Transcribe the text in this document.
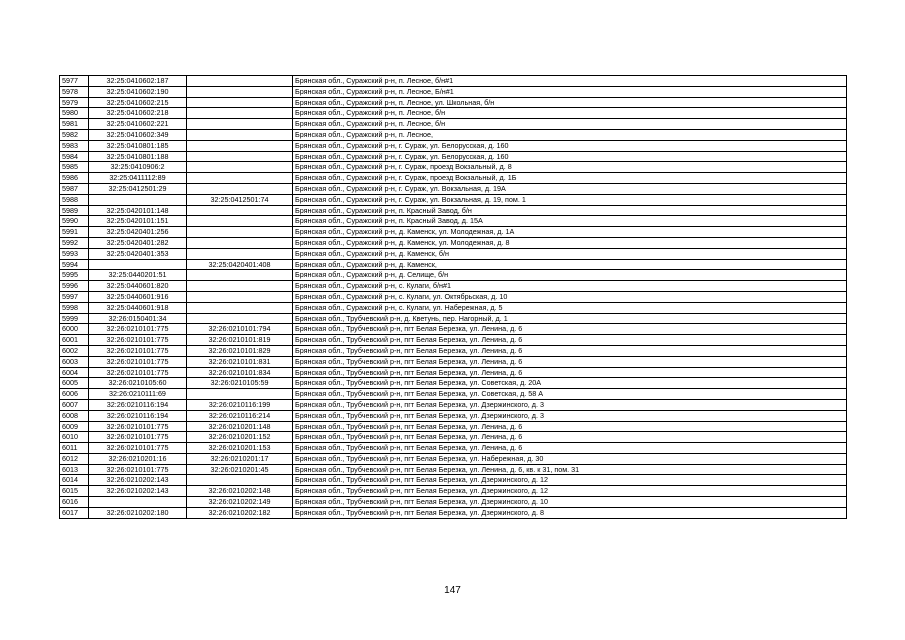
5977	32:25:0410602:187		Брянская обл., Суражский р-н, п. Лесное, б/н#1
5978	32:25:0410602:190		Брянская обл., Суражский р-н, п. Лесное, Б/н#1
5979	32:25:0410602:215		Брянская обл., Суражский р-н, п. Лесное, ул. Школьная, б/н
5980	32:25:0410602:218		Брянская обл., Суражский р-н, п. Лесное, б/н
5981	32:25:0410602:221		Брянская обл., Суражский р-н, п. Лесное, б/н
5982	32:25:0410602:349		Брянская обл., Суражский р-н, п. Лесное,
5983	32:25:0410801:185		Брянская обл., Суражский р-н, г. Сураж, ул. Белорусская, д. 160
5984	32:25:0410801:188		Брянская обл., Суражский р-н, г. Сураж, ул. Белорусская, д. 160
5985	32:25:0410906:2		Брянская обл., Суражский р-н, г. Сураж, проезд Вокзальный, д. 8
5986	32:25:0411112:89		Брянская обл., Суражский р-н, г. Сураж, проезд Вокзальный, д. 1Б
5987	32:25:0412501:29		Брянская обл., Суражский р-н, г. Сураж, ул. Вокзальная, д. 19А
5988		32:25:0412501:74	Брянская обл., Суражский р-н, г. Сураж, ул. Вокзальная, д. 19, пом. 1
5989	32:25:0420101:148		Брянская обл., Суражский р-н, п. Красный Завод, б/н
5990	32:25:0420101:151		Брянская обл., Суражский р-н, п. Красный Завод, д. 15А
5991	32:25:0420401:256		Брянская обл., Суражский р-н, д. Каменск, ул. Молодежная, д. 1А
5992	32:25:0420401:282		Брянская обл., Суражский р-н, д. Каменск, ул. Молодежная, д. 8
5993	32:25:0420401:353		Брянская обл., Суражский р-н, д. Каменск, б/н
5994		32:25:0420401:408	Брянская обл., Суражский р-н, д. Каменск,
5995	32:25:0440201:51		Брянская обл., Суражский р-н, д. Селище, б/н
5996	32:25:0440601:820		Брянская обл., Суражский р-н, с. Кулаги, б/н#1
5997	32:25:0440601:916		Брянская обл., Суражский р-н, с. Кулаги, ул. Октябрьская, д. 10
5998	32:25:0440601:918		Брянская обл., Суражский р-н, с. Кулаги, ул. Набережная, д. 5
5999	32:26:0150401:34		Брянская обл., Трубчевский р-н, д. Кветунь, пер. Нагорный, д. 1
6000	32:26:0210101:775	32:26:0210101:794	Брянская обл., Трубчевский р-н, пгт Белая Березка, ул. Ленина, д. 6
6001	32:26:0210101:775	32:26:0210101:819	Брянская обл., Трубчевский р-н, пгт Белая Березка, ул. Ленина, д. 6
6002	32:26:0210101:775	32:26:0210101:829	Брянская обл., Трубчевский р-н, пгт Белая Березка, ул. Ленина, д. 6
6003	32:26:0210101:775	32:26:0210101:831	Брянская обл., Трубчевский р-н, пгт Белая Березка, ул. Ленина, д. 6
6004	32:26:0210101:775	32:26:0210101:834	Брянская обл., Трубчевский р-н, пгт Белая Березка, ул. Ленина, д. 6
6005	32:26:0210105:60	32:26:0210105:59	Брянская обл., Трубчевский р-н, пгт Белая Березка, ул. Советская, д. 20А
6006	32:26:0210111:69		Брянская обл., Трубчевский р-н, пгт Белая Березка, ул. Советская, д. 58 А
6007	32:26:0210116:194	32:26:0210116:199	Брянская обл., Трубчевский р-н, пгт Белая Березка, ул. Дзержинского, д. 3
6008	32:26:0210116:194	32:26:0210116:214	Брянская обл., Трубчевский р-н, пгт Белая Березка, ул. Дзержинского, д. 3
6009	32:26:0210101:775	32:26:0210201:148	Брянская обл., Трубчевский р-н, пгт Белая Березка, ул. Ленина, д. 6
6010	32:26:0210101:775	32:26:0210201:152	Брянская обл., Трубчевский р-н, пгт Белая Березка, ул. Ленина, д. 6
6011	32:26:0210101:775	32:26:0210201:153	Брянская обл., Трубчевский р-н, пгт Белая Березка, ул. Ленина, д. 6
6012	32:26:0210201:16	32:26:0210201:17	Брянская обл., Трубчевский р-н, пгт Белая Березка, ул. Набережная, д. 30
6013	32:26:0210101:775	32:26:0210201:45	Брянская обл., Трубчевский р-н, пгт Белая Березка, ул. Ленина, д. 6, кв. к 31, пом. 31
6014	32:26:0210202:143		Брянская обл., Трубчевский р-н, пгт Белая Березка, ул. Дзержинского, д. 12
6015	32:26:0210202:143	32:26:0210202:148	Брянская обл., Трубчевский р-н, пгт Белая Березка, ул. Дзержинского, д. 12
6016		32:26:0210202:149	Брянская обл., Трубчевский р-н, пгт Белая Березка, ул. Дзержинского, д. 10
6017	32:26:0210202:180	32:26:0210202:182	Брянская обл., Трубчевский р-н, пгт Белая Березка, ул. Дзержинского, д. 8
147
